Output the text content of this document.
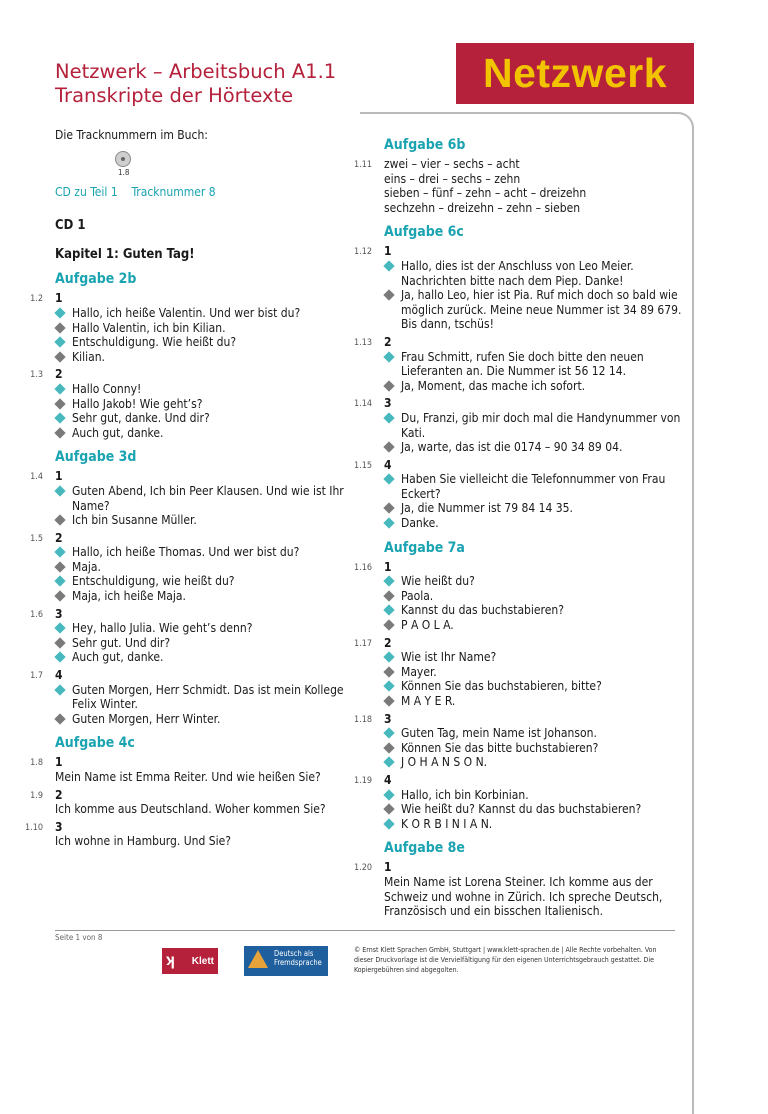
Netzwerk – Arbeitsbuch A1.1
Transkripte der Hörtexte	Netzwerk
Die Tracknummern im Buch:
1.8
CD zu Teil 1 Tracknummer 8
CD 1
Kapitel 1: Guten Tag!
Aufgabe 2b
1.2 1
Hallo, ich heiße Valentin. Und wer bist du?
Hallo Valentin, ich bin Kilian.
Entschuldigung. Wie heißt du?
Kilian.
1.3 2
Hallo Conny!
Hallo Jakob! Wie geht’s?
Sehr gut, danke. Und dir?
Auch gut, danke.
Aufgabe 3d
1.4 1
Guten Abend, Ich bin Peer Klausen. Und wie ist Ihr Name?
Ich bin Susanne Müller.
1.5 2
Hallo, ich heiße Thomas. Und wer bist du?
Maja.
Entschuldigung, wie heißt du?
Maja, ich heiße Maja.
1.6 3
Hey, hallo Julia. Wie geht’s denn?
Sehr gut. Und dir?
Auch gut, danke.
1.7 4
Guten Morgen, Herr Schmidt. Das ist mein Kollege Felix Winter.
Guten Morgen, Herr Winter.
Aufgabe 4c
1.8 1
Mein Name ist Emma Reiter. Und wie heißen Sie?
1.9 2
Ich komme aus Deutschland. Woher kommen Sie?
1.10 3
Ich wohne in Hamburg. Und Sie?
Aufgabe 6b
1.11 zwei – vier – sechs – acht
eins – drei – sechs – zehn
sieben – fünf – zehn – acht – dreizehn
sechzehn – dreizehn – zehn – sieben
Aufgabe 6c
1.12 1
Hallo, dies ist der Anschluss von Leo Meier. Nachrichten bitte nach dem Piep. Danke!
Ja, hallo Leo, hier ist Pia. Ruf mich doch so bald wie möglich zurück. Meine neue Nummer ist 34 89 679. Bis dann, tschüs!
1.13 2
Frau Schmitt, rufen Sie doch bitte den neuen Lieferanten an. Die Nummer ist 56 12 14.
Ja, Moment, das mache ich sofort.
1.14 3
Du, Franzi, gib mir doch mal die Handynummer von Kati.
Ja, warte, das ist die 0174 – 90 34 89 04.
1.15 4
Haben Sie vielleicht die Telefonnummer von Frau Eckert?
Ja, die Nummer ist 79 84 14 35.
Danke.
Aufgabe 7a
1.16 1
Wie heißt du?
Paola.
Kannst du das buchstabieren?
P A O L A.
1.17 2
Wie ist Ihr Name?
Mayer.
Können Sie das buchstabieren, bitte?
M A Y E R.
1.18 3
Guten Tag, mein Name ist Johanson.
Können Sie das bitte buchstabieren?
J O H A N S O N.
1.19 4
Hallo, ich bin Korbinian.
Wie heißt du? Kannst du das buchstabieren?
K O R B I N I A N.
Aufgabe 8e
1.20 1
Mein Name ist Lorena Steiner. Ich komme aus der Schweiz und wohne in Zürich. Ich spreche Deutsch, Französisch und ein bisschen Italienisch.
Seite 1 von 8
ʞ Klett
Deutsch als Fremdsprache
© Ernst Klett Sprachen GmbH, Stuttgart | www.klett-sprachen.de | Alle Rechte vorbehalten. Von dieser Druckvorlage ist die Vervielfältigung für den eigenen Unterrichtsgebrauch gestattet. Die Kopiergebühren sind abgegolten.
